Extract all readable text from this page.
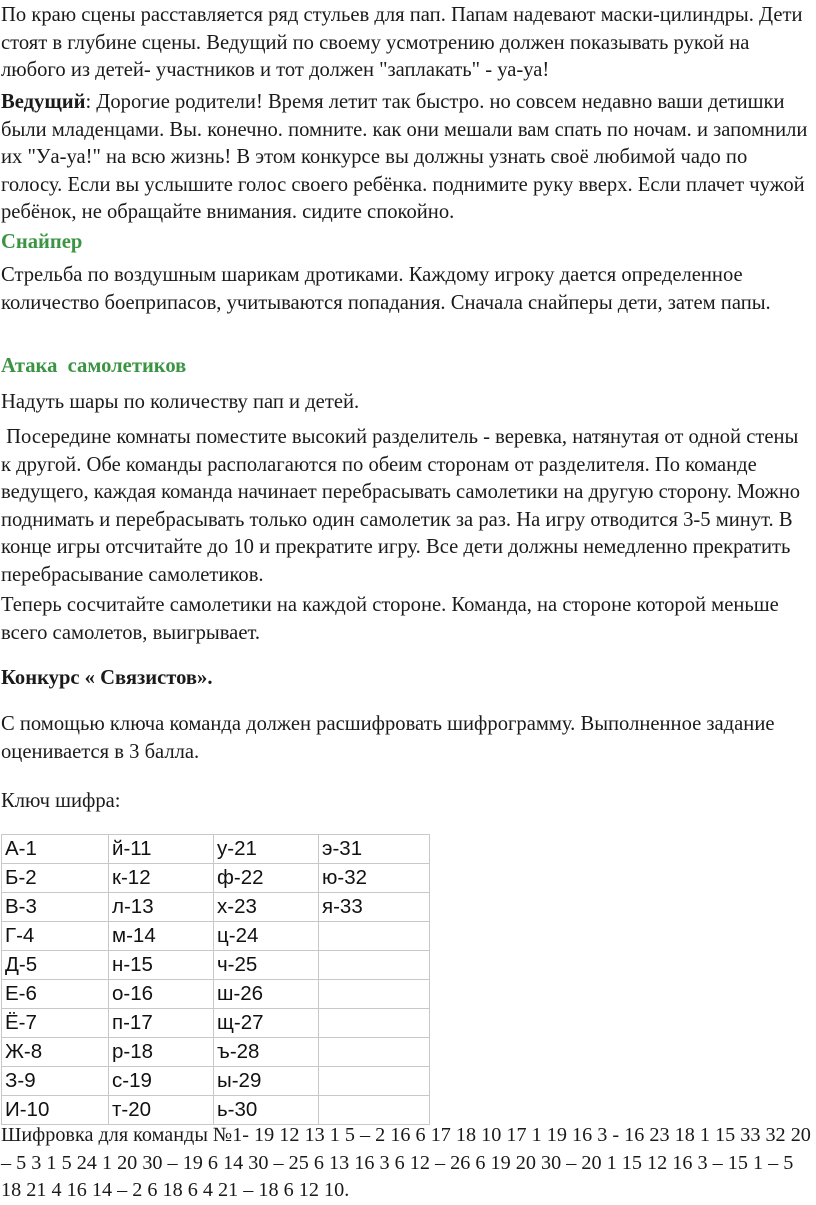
По краю сцены расставляется ряд стульев для пап. Папам надевают маски-цилиндры. Дети стоят в глубине сцены. Ведущий по своему усмотрению должен показывать рукой на любого из детей- участников и тот должен "заплакать" - уа-уа!

Ведущий: Дорогие родители! Время летит так быстро. но совсем недавно ваши детишки были младенцами. Вы. конечно. помните. как они мешали вам спать по ночам. и запомнили их "Уа-уа!" на всю жизнь! В этом конкурсе вы должны узнать своё любимой чадо по голосу. Если вы услышите голос своего ребёнка. поднимите руку вверх. Если плачет чужой ребёнок, не обращайте внимания. сидите спокойно.

Снайпер

Стрельба по воздушным шарикам дротиками. Каждому игроку дается определенное количество боеприпасов, учитываются попадания. Сначала снайперы дети, затем папы.

Атака  самолетиков

Надуть шары по количеству пап и детей.

Посередине комнаты поместите высокий разделитель - веревка, натянутая от одной стены к другой. Обе команды располагаются по обеим сторонам от разделителя. По команде ведущего, каждая команда начинает перебрасывать самолетики на другую сторону. Можно поднимать и перебрасывать только один самолетик за раз. На игру отводится 3-5 минут. В конце игры отсчитайте до 10 и прекратите игру. Все дети должны немедленно прекратить перебрасывание самолетиков.

Теперь сосчитайте самолетики на каждой стороне. Команда, на стороне которой меньше всего самолетов, выигрывает.

Конкурс « Связистов».

С помощью ключа команда должен расшифровать шифрограмму. Выполненное задание оценивается в 3 балла.

Ключ шифра:

А-1	й-11	у-21	э-31
Б-2	к-12	ф-22	ю-32
В-3	л-13	х-23	я-33
Г-4	м-14	ц-24	
Д-5	н-15	ч-25	
Е-6	о-16	ш-26	
Ё-7	п-17	щ-27	
Ж-8	р-18	ъ-28	
З-9	с-19	ы-29	
И-10	т-20	ь-30	

Шифровка для команды №1- 19 12 13 1 5 – 2 16 6 17 18 10 17 1 19 16 3 - 16 23 18 1 15 33 32 20 – 5 3 1 5 24 1 20 30 – 19 6 14 30 – 25 6 13 16 3 6 12 – 26 6 19 20 30 – 20 1 15 12 16 3 – 15 1 – 5 18 21 4 16 14 – 2 6 18 6 4 21 – 18 6 12 10.
